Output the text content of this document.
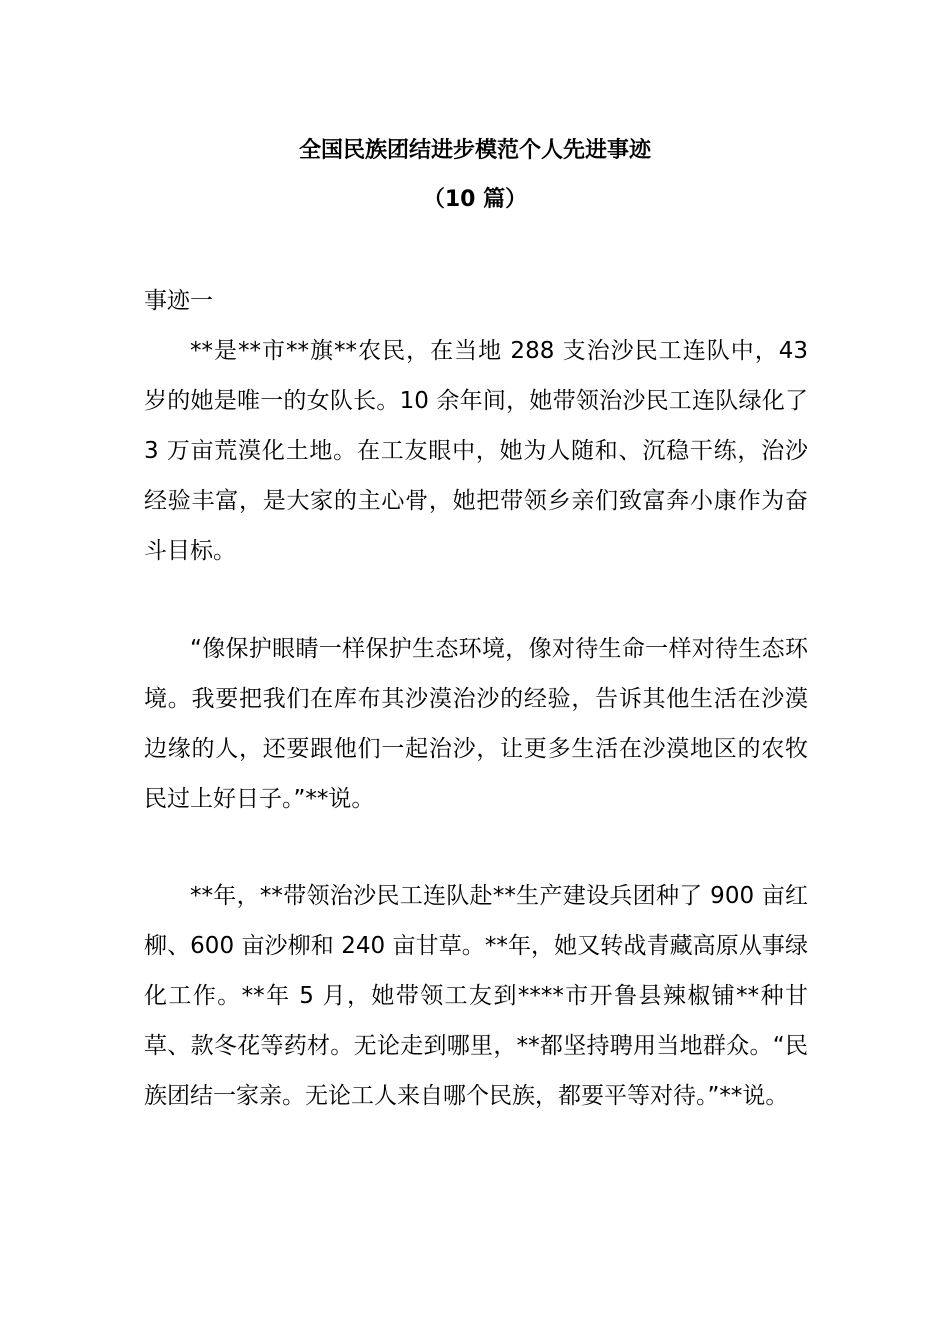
全国民族团结进步模范个人先进事迹
（10 篇）
事迹一

**是**市**旗**农民，在当地 288 支治沙民工连队中，43 岁的她是唯一的女队长。10 余年间，她带领治沙民工连队绿化了 3 万亩荒漠化土地。在工友眼中，她为人随和、沉稳干练，治沙经验丰富，是大家的主心骨，她把带领乡亲们致富奔小康作为奋斗目标。

“像保护眼睛一样保护生态环境，像对待生命一样对待生态环境。我要把我们在库布其沙漠治沙的经验，告诉其他生活在沙漠边缘的人，还要跟他们一起治沙，让更多生活在沙漠地区的农牧民过上好日子。”**说。

**年，**带领治沙民工连队赴**生产建设兵团种了 900 亩红柳、600 亩沙柳和 240 亩甘草。**年，她又转战青藏高原从事绿化工作。**年 5 月，她带领工友到****市开鲁县辣椒铺**种甘草、款冬花等药材。无论走到哪里，**都坚持聘用当地群众。“民族团结一家亲。无论工人来自哪个民族，都要平等对待。”**说。
